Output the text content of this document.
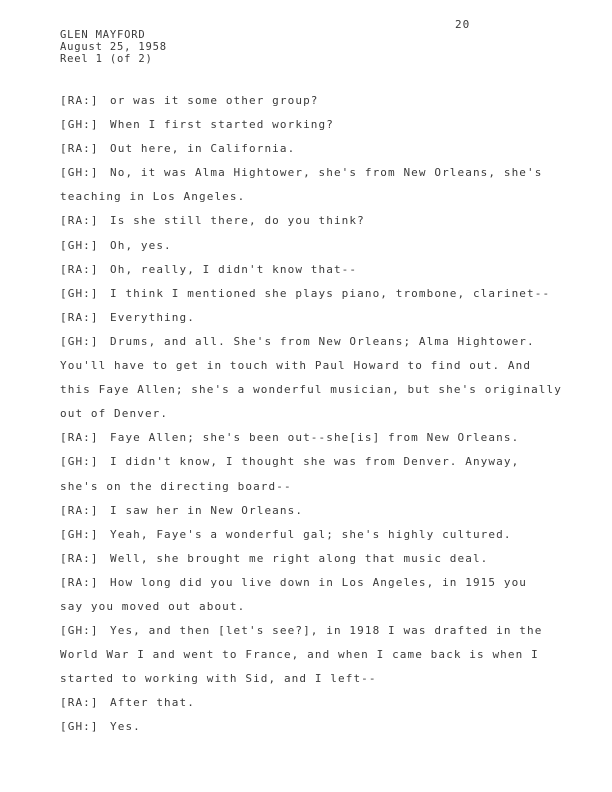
20
GLEN MAYFORD
August 25, 1958
Reel 1 (of 2)
[RA:] or was it some other group?
[GH:] When I first started working?
[RA:] Out here, in California.
[GH:] No, it was Alma Hightower, she's from New Orleans, she's
teaching in Los Angeles.
[RA:] Is she still there, do you think?
[GH:] Oh, yes.
[RA:] Oh, really, I didn't know that--
[GH:] I think I mentioned she plays piano, trombone, clarinet--
[RA:] Everything.
[GH:] Drums, and all. She's from New Orleans; Alma Hightower.
You'll have to get in touch with Paul Howard to find out. And
this Faye Allen; she's a wonderful musician, but she's originally
out of Denver.
[RA:] Faye Allen; she's been out--she[is] from New Orleans.
[GH:] I didn't know, I thought she was from Denver. Anyway,
she's on the directing board--
[RA:] I saw her in New Orleans.
[GH:] Yeah, Faye's a wonderful gal; she's highly cultured.
[RA:] Well, she brought me right along that music deal.
[RA:] How long did you live down in Los Angeles, in 1915 you
say you moved out about.
[GH:] Yes, and then [let's see?], in 1918 I was drafted in the
World War I and went to France, and when I came back is when I
started to working with Sid, and I left--
[RA:] After that.
[GH:] Yes.
